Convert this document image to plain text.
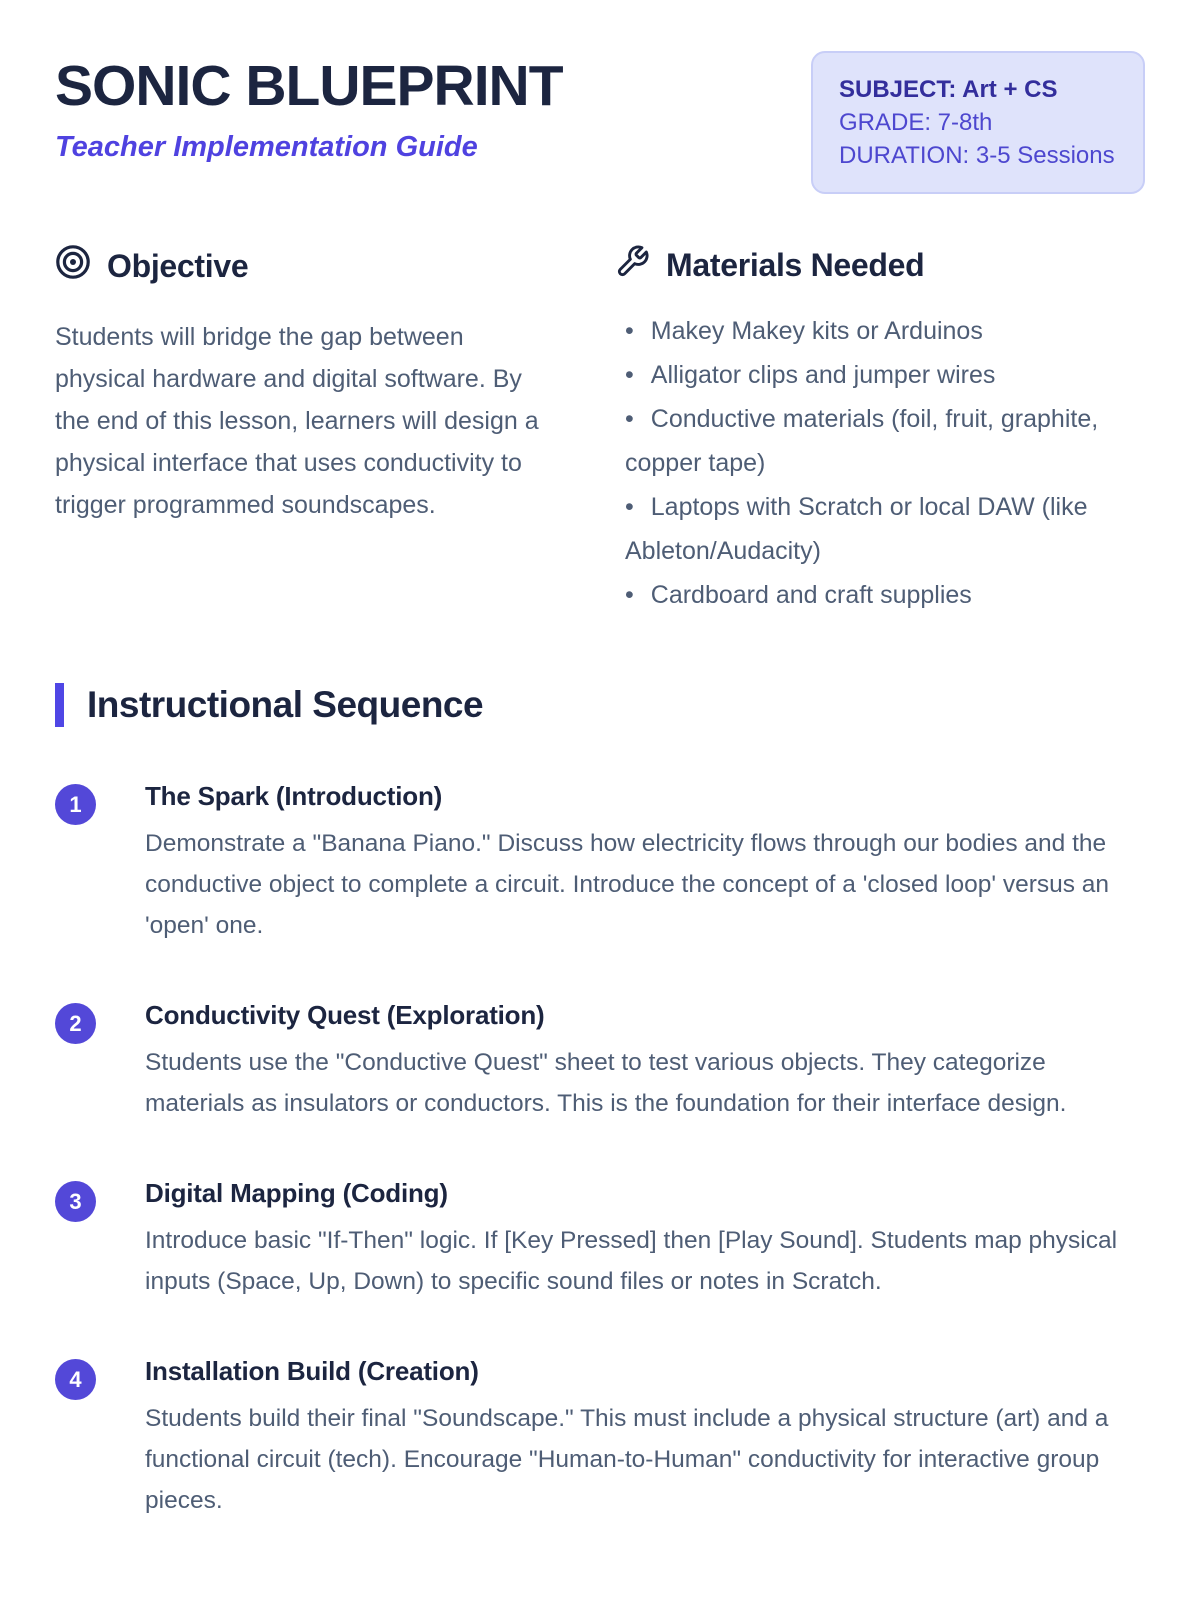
SONIC BLUEPRINT
Teacher Implementation Guide
SUBJECT: Art + CS
GRADE: 7-8th
DURATION: 3-5 Sessions
Objective

Students will bridge the gap between physical hardware and digital software. By the end of this lesson, learners will design a physical interface that uses conductivity to trigger programmed soundscapes.

Materials Needed
• Makey Makey kits or Arduinos
• Alligator clips and jumper wires
• Conductive materials (foil, fruit, graphite, copper tape)
• Laptops with Scratch or local DAW (like Ableton/Audacity)
• Cardboard and craft supplies
Instructional Sequence
1	The Spark (Introduction)
Demonstrate a "Banana Piano." Discuss how electricity flows through our bodies and the conductive object to complete a circuit. Introduce the concept of a 'closed loop' versus an 'open' one.
2	Conductivity Quest (Exploration)
Students use the "Conductive Quest" sheet to test various objects. They categorize materials as insulators or conductors. This is the foundation for their interface design.
3	Digital Mapping (Coding)
Introduce basic "If-Then" logic. If [Key Pressed] then [Play Sound]. Students map physical inputs (Space, Up, Down) to specific sound files or notes in Scratch.
4	Installation Build (Creation)
Students build their final "Soundscape." This must include a physical structure (art) and a functional circuit (tech). Encourage "Human-to-Human" conductivity for interactive group pieces.
